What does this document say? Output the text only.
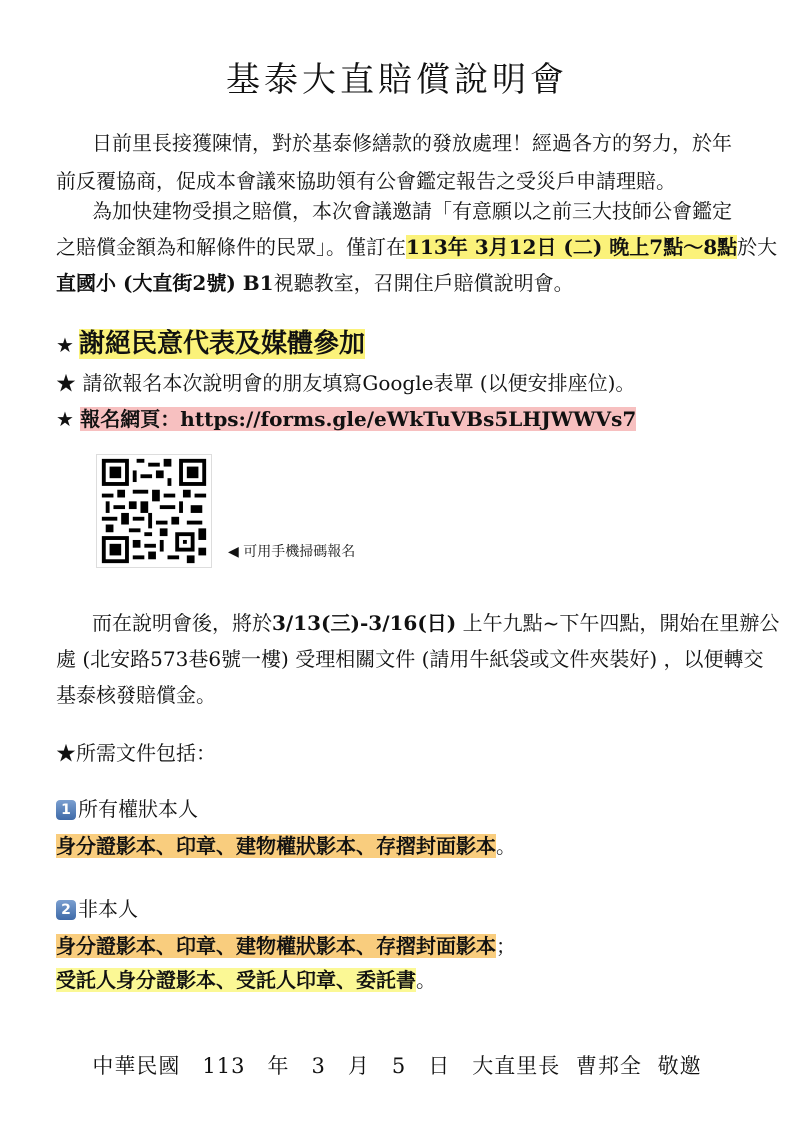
基泰大直賠償說明會
日前里長接獲陳情，對於基泰修繕款的發放處理！經過各方的努力，於年
前反覆協商，促成本會議來協助領有公會鑑定報告之受災戶申請理賠。
為加快建物受損之賠償，本次會議邀請「有意願以之前三大技師公會鑑定
之賠償金額為和解條件的民眾」。僅訂在113年 3月12日 (二) 晚上7點～8點於大
直國小 (大直街2號) B1視聽教室，召開住戶賠償說明會。
★ 謝絕民意代表及媒體參加
★ 請欲報名本次說明會的朋友填寫Google表單 (以便安排座位)。
★ 報名網頁：https://forms.gle/eWkTuVBs5LHJWWVs7
◀ 可用手機掃碼報名
而在說明會後，將於3/13(三)-3/16(日) 上午九點~下午四點，開始在里辦公
處 (北安路573巷6號一樓) 受理相關文件 (請用牛紙袋或文件夾裝好) ，以便轉交
基泰核發賠償金。
★所需文件包括：
1 所有權狀本人
身分證影本、印章、建物權狀影本、存摺封面影本。
2 非本人
身分證影本、印章、建物權狀影本、存摺封面影本；
受託人身分證影本、受託人印章、委託書。
中華民國　113　年　3　月　5　日　大直里長 曹邦全 敬邀
